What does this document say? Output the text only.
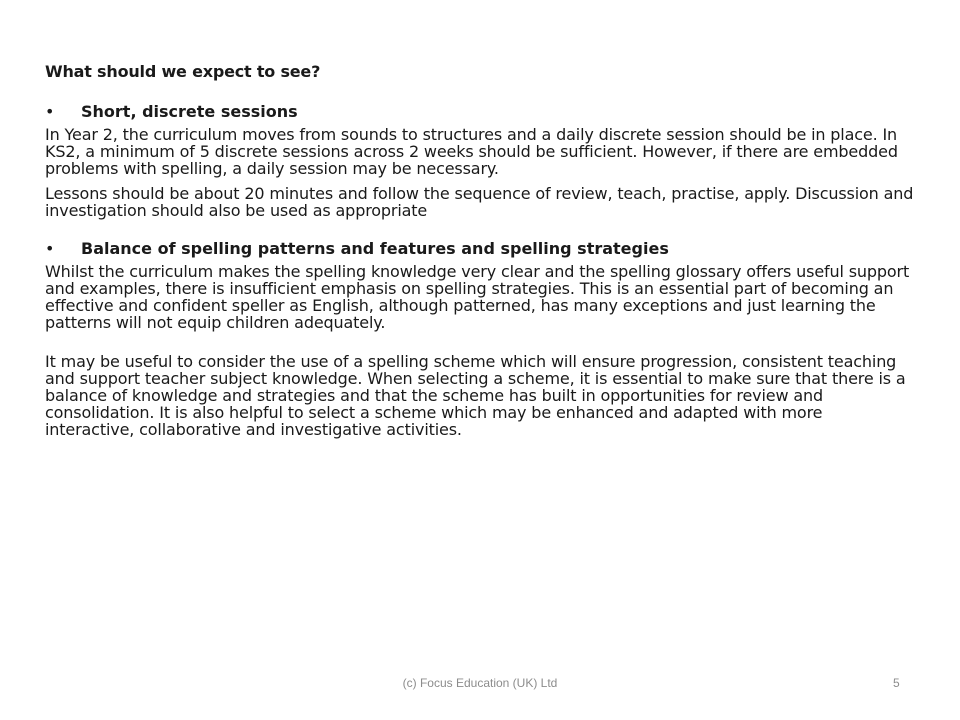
What should we expect to see?
•	Short, discrete sessions

In Year 2, the curriculum moves from sounds to structures and a daily discrete session should be in place. In KS2, a minimum of 5 discrete sessions across 2 weeks should be sufficient. However, if there are embedded problems with spelling, a daily session may be necessary.

Lessons should be about 20 minutes and follow the sequence of review, teach, practise, apply. Discussion and investigation should also be used as appropriate

•	Balance of spelling patterns and features and spelling strategies

Whilst the curriculum makes the spelling knowledge very clear and the spelling glossary offers useful support and examples, there is insufficient emphasis on spelling strategies. This is an essential part of becoming an effective and confident speller as English, although patterned, has many exceptions and just learning the patterns will not equip children adequately.

It may be useful to consider the use of a spelling scheme which will ensure progression, consistent teaching and support teacher subject knowledge. When selecting a scheme, it is essential to make sure that there is a balance of knowledge and strategies and that the scheme has built in opportunities for review and consolidation. It is also helpful to select a scheme which may be enhanced and adapted with more interactive, collaborative and investigative activities.

(c) Focus Education (UK) Ltd	5
